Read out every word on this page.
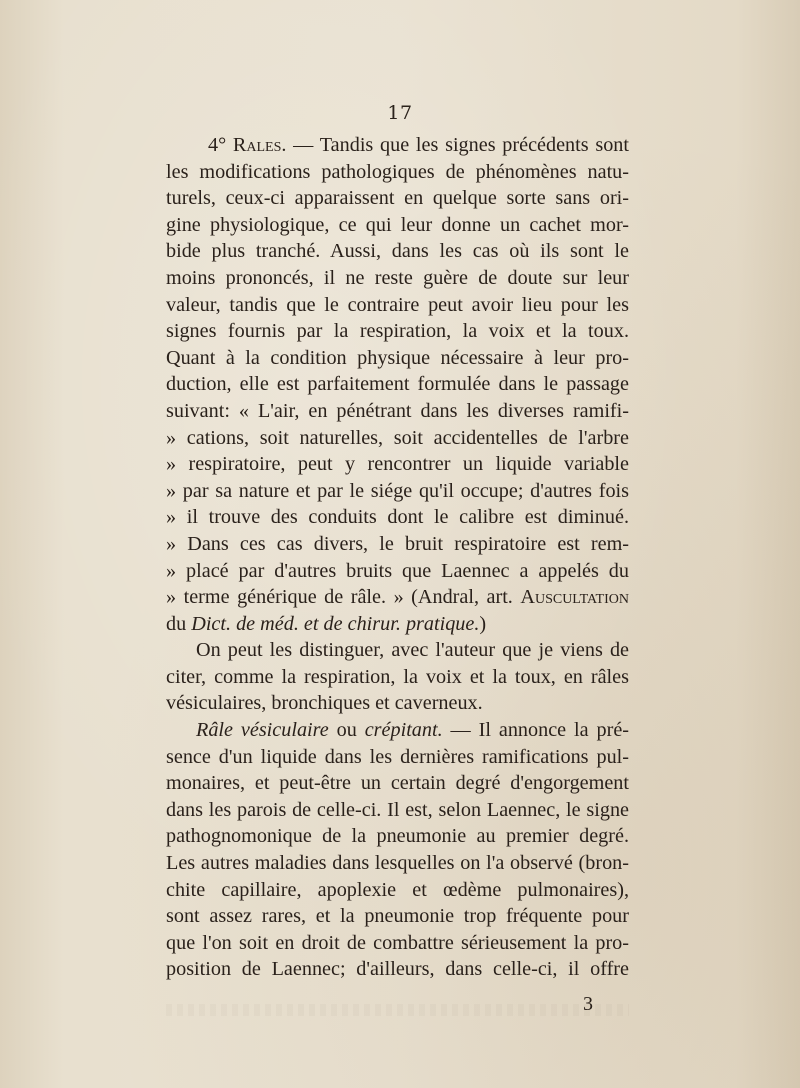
17
4° Rales. — Tandis que les signes précédents sont
les modifications pathologiques de phénomènes natu-
turels, ceux-ci apparaissent en quelque sorte sans ori-
gine physiologique, ce qui leur donne un cachet mor-
bide plus tranché. Aussi, dans les cas où ils sont le
moins prononcés, il ne reste guère de doute sur leur
valeur, tandis que le contraire peut avoir lieu pour les
signes fournis par la respiration, la voix et la toux.
Quant à la condition physique nécessaire à leur pro-
duction, elle est parfaitement formulée dans le passage
suivant: « L'air, en pénétrant dans les diverses ramifi-
» cations, soit naturelles, soit accidentelles de l'arbre
» respiratoire, peut y rencontrer un liquide variable
» par sa nature et par le siége qu'il occupe; d'autres fois
» il trouve des conduits dont le calibre est diminué.
» Dans ces cas divers, le bruit respiratoire est rem-
» placé par d'autres bruits que Laennec a appelés du
» terme générique de râle. » (Andral, art. Auscultation
du Dict. de méd. et de chirur. pratique.)
On peut les distinguer, avec l'auteur que je viens de
citer, comme la respiration, la voix et la toux, en râles
vésiculaires, bronchiques et caverneux.
Râle vésiculaire ou crépitant. — Il annonce la pré-
sence d'un liquide dans les dernières ramifications pul-
monaires, et peut-être un certain degré d'engorgement
dans les parois de celle-ci. Il est, selon Laennec, le signe
pathognomonique de la pneumonie au premier degré.
Les autres maladies dans lesquelles on l'a observé (bron-
chite capillaire, apoplexie et œdème pulmonaires),
sont assez rares, et la pneumonie trop fréquente pour
que l'on soit en droit de combattre sérieusement la pro-
position de Laennec; d'ailleurs, dans celle-ci, il offre
3
